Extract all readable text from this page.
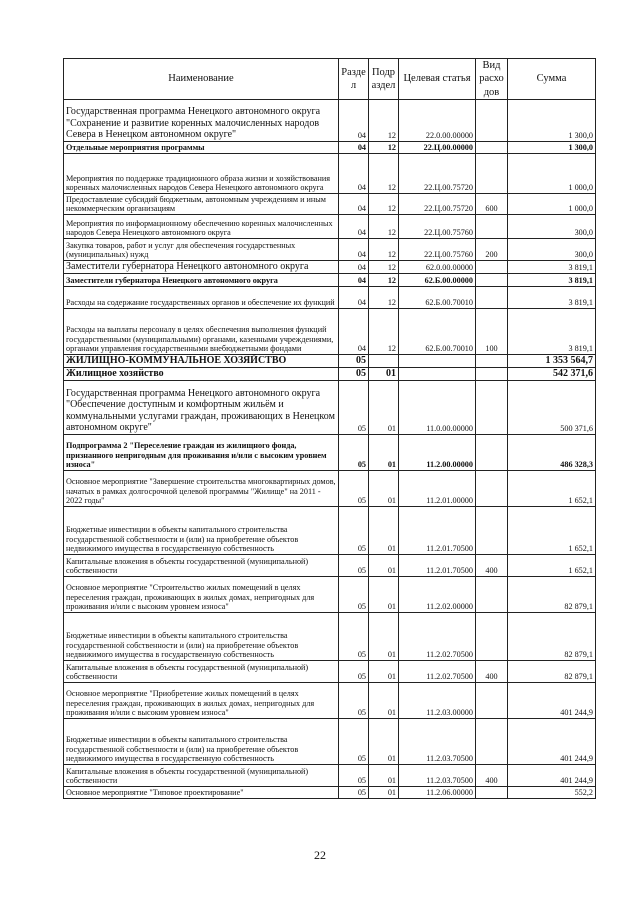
Наименование	Разде л	Подр аздел	Целевая статья	Вид расхо дов	Сумма
Государственная программа Ненецкого автономного округа "Сохранение и развитие коренных малочисленных народов Севера в Ненецком автономном округе"	04	12	22.0.00.00000		1 300,0
Отдельные мероприятия программы	04	12	22.Ц.00.00000		1 300,0
Мероприятия по поддержке традиционного образа жизни и хозяйствования коренных малочисленных народов Севера Ненецкого автономного округа	04	12	22.Ц.00.75720		1 000,0
Предоставление субсидий бюджетным, автономным учреждениям и иным некоммерческим организациям	04	12	22.Ц.00.75720	600	1 000,0
Мероприятия по информационному обеспечению коренных малочисленных народов Севера Ненецкого автономного округа	04	12	22.Ц.00.75760		300,0
Закупка товаров, работ и услуг для обеспечения государственных (муниципальных) нужд	04	12	22.Ц.00.75760	200	300,0
Заместители губернатора Ненецкого автономного округа	04	12	62.0.00.00000		3 819,1
Заместители губернатора Ненецкого автономного округа	04	12	62.Б.00.00000		3 819,1
Расходы на содержание государственных органов и обеспечение их функций	04	12	62.Б.00.70010		3 819,1
Расходы на выплаты персоналу в целях обеспечения выполнения функций государственными (муниципальными) органами, казенными учреждениями, органами управления государственными внебюджетными фондами	04	12	62.Б.00.70010	100	3 819,1
ЖИЛИЩНО-КОММУНАЛЬНОЕ ХОЗЯЙСТВО	05				1 353 564,7
Жилищное хозяйство	05	01			542 371,6
Государственная программа Ненецкого автономного округа "Обеспечение доступным и комфортным жильём и коммунальными услугами граждан, проживающих в Ненецком автономном округе"	05	01	11.0.00.00000		500 371,6
Подпрограмма 2 "Переселение граждан из жилищного фонда, признанного непригодным для проживания и/или с высоким уровнем износа"	05	01	11.2.00.00000		486 328,3
Основное мероприятие "Завершение строительства многоквартирных домов, начатых в рамках долгосрочной целевой программы "Жилище" на 2011 - 2022 годы"	05	01	11.2.01.00000		1 652,1
Бюджетные инвестиции в объекты капитального строительства государственной собственности и (или) на приобретение объектов недвижимого имущества в государственную собственность	05	01	11.2.01.70500		1 652,1
Капитальные вложения в объекты государственной (муниципальной) собственности	05	01	11.2.01.70500	400	1 652,1
Основное мероприятие "Строительство жилых помещений в целях переселения граждан, проживающих в жилых домах, непригодных для проживания и/или с высоким уровнем износа"	05	01	11.2.02.00000		82 879,1
Бюджетные инвестиции в объекты капитального строительства государственной собственности и (или) на приобретение объектов недвижимого имущества в государственную собственность	05	01	11.2.02.70500		82 879,1
Капитальные вложения в объекты государственной (муниципальной) собственности	05	01	11.2.02.70500	400	82 879,1
Основное мероприятие "Приобретение жилых помещений в целях переселения граждан, проживающих в жилых домах, непригодных для проживания и/или с высоким уровнем износа"	05	01	11.2.03.00000		401 244,9
Бюджетные инвестиции в объекты капитального строительства государственной собственности и (или) на приобретение объектов недвижимого имущества в государственную собственность	05	01	11.2.03.70500		401 244,9
Капитальные вложения в объекты государственной (муниципальной) собственности	05	01	11.2.03.70500	400	401 244,9
Основное мероприятие "Типовое проектирование"	05	01	11.2.06.00000		552,2
22
